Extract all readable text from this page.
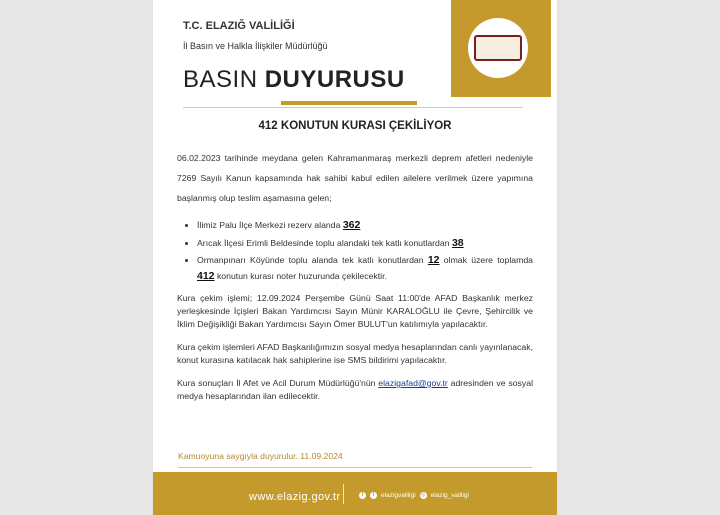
T.C. ELAZIĞ VALİLİĞİ
İl Basın ve Halkla İlişkiler Müdürlüğü
BASIN DUYURUSU
412 KONUTUN KURASI ÇEKİLİYOR

06.02.2023 tarihinde meydana gelen Kahramanmaraş merkezli deprem afetleri nedeniyle 7269 Sayılı Kanun kapsamında hak sahibi kabul edilen ailelere verilmek üzere yapımına başlanmış olup teslim aşamasına gelen;

• İlimiz Palu İlçe Merkezi rezerv alanda 362
• Arıcak İlçesi Erimli Beldesinde toplu alandaki tek katlı konutlardan 38
• Ormanpınarı Köyünde toplu alanda tek katlı konutlardan 12 olmak üzere toplamda 412 konutun kurası noter huzurunda çekilecektir.

Kura çekim işlemi; 12.09.2024 Perşembe Günü Saat 11:00'de AFAD Başkanlık merkez yerleşkesinde İçişleri Bakan Yardımcısı Sayın Münir KARALOĞLU ile Çevre, Şehircilik ve İklim Değişikliği Bakan Yardımcısı Sayın Ömer BULUT'un katılımıyla yapılacaktır.

Kura çekim işlemleri AFAD Başkanlığımızın sosyal medya hesaplarından canlı yayınlanacak, konut kurasına katılacak hak sahiplerine ise SMS bildirimi yapılacaktır.

Kura sonuçları İl Afet ve Acil Durum Müdürlüğü'nün elazigafad@gov.tr adresinden ve sosyal medya hesaplarından ilan edilecektir.

Kamuoyuna saygıyla duyurulur. 11.09.2024
www.elazig.gov.tr	f	t	elazigvaliligi ◎ elazig_valiligi
